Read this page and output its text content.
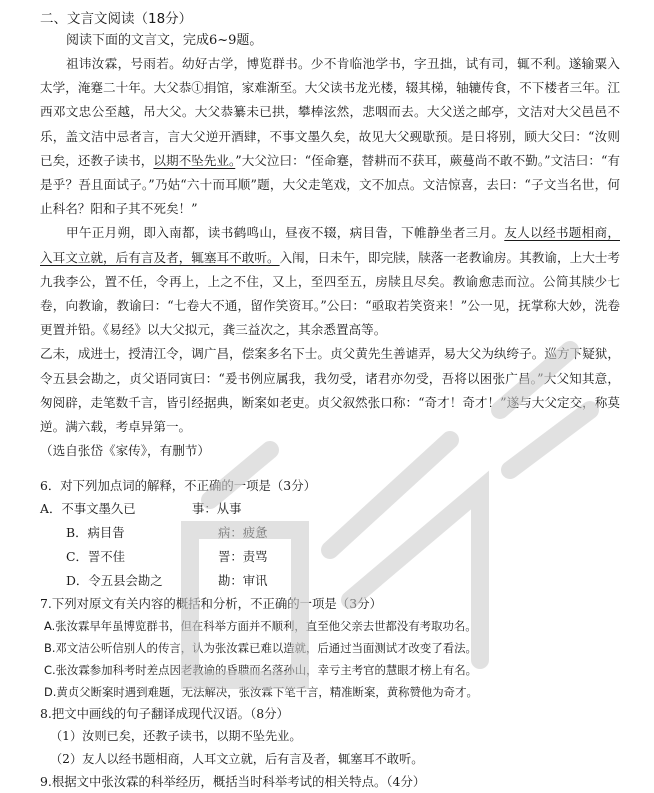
二、文言文阅读（18分）
阅读下面的文言文，完成6~9题。

祖讳汝霖，号雨若。幼好古学，博览群书。少不肯临池学书，字丑拙，试有司，辄不利。遂输粟入太学，淹蹇二十年。大父恭①捐馆，家难渐至。大父读书龙光楼，辍其梯，轴辘传食，不下楼者三年。江西邓文忠公至越，吊大父。大父恭纂未已拱，攀棒泫然，悲咽而去。大父送之邮亭，文洁对大父邑邑不乐，盖文洁中忌者言，言大父逆开酒肆，不事文墨久矣，故见大父觋歇预。是日将别，顾大父曰：“汝则已矣，还教子读书，以期不坠先业。”大父泣曰：“侄命蹇，替耕而不获耳，蕨蔓尚不敢不勤。”文洁曰：“有是乎？吾且面试子。”乃姑“六十而耳顺”题，大父走笔戏，文不加点。文洁惊喜，去曰：“子文当名世，何止科名？阳和子其不死矣！”

甲午正月朔，即入南都，读书鹤鸣山，昼夜不辍，病目眚，下帷静坐者三月。友人以经书题相商，入耳文立就，后有言及者，辄塞耳不敢听。入闱，日未午，即完牍，牍落一老教谕房。其教谕，上大士考九我李公，置不任，令再上，上之不住，又上，至四至五，房牍且尽矣。教谕愈恚而泣。公简其牍少七卷，向教谕，教谕曰：“七卷大不通，留作笑资耳。”公曰：“亟取若笑资来！”公一见，抚掌称大妙，洗卷更置并铅。《易经》以大父拟元，龚三益次之，其余悉置高等。

乙未，成进士，授清江令，调广昌，偿案多名下士。贞父黄先生善谑弄，易大父为纨绔子。巡方下疑狱，令五县会勘之，贞父语同寅曰：“爰书例应属我，我勿受，诸君亦勿受，吾将以困张广昌。”大父知其意，匆阅辟，走笔数千言，皆引经据典，断案如老吏。贞父叙然张口称：“奇才！奇才！”遂与大父定交，称莫逆。满六载，考卓异第一。

（选自张岱《家传》，有删节）
6．对下列加点词的解释，不正确的一项是（3分）
A．不事文墨久已	事：从事
B．病目眚	病：疲惫
C．詈不佳	詈：责骂
D．令五县会勘之	勘：审讯
7.下列对原文有关内容的概括和分析，不正确的一项是（3分）
A.张汝霖早年虽博览群书，但在科举方面并不顺利，直至他父亲去世都没有考取功名。
B.邓文洁公听信别人的传言，认为张汝霖已难以造就，后通过当面测试才改变了看法。
C.张汝霖参加科考时差点因老教谕的昏聩而名落孙山，幸亏主考官的慧眼才榜上有名。
D.黄贞父断案时遇到难题，无法解决，张汝霖下笔千言，精准断案，黄称赞他为奇才。
8.把文中画线的句子翻译成现代汉语。（8分）
（1）汝则已矣，还教子读书，以期不坠先业。
（2）友人以经书题相商，人耳文立就，后有言及者，辄塞耳不敢听。
9.根据文中张汝霖的科举经历，概括当时科举考试的相关特点。（4分）
